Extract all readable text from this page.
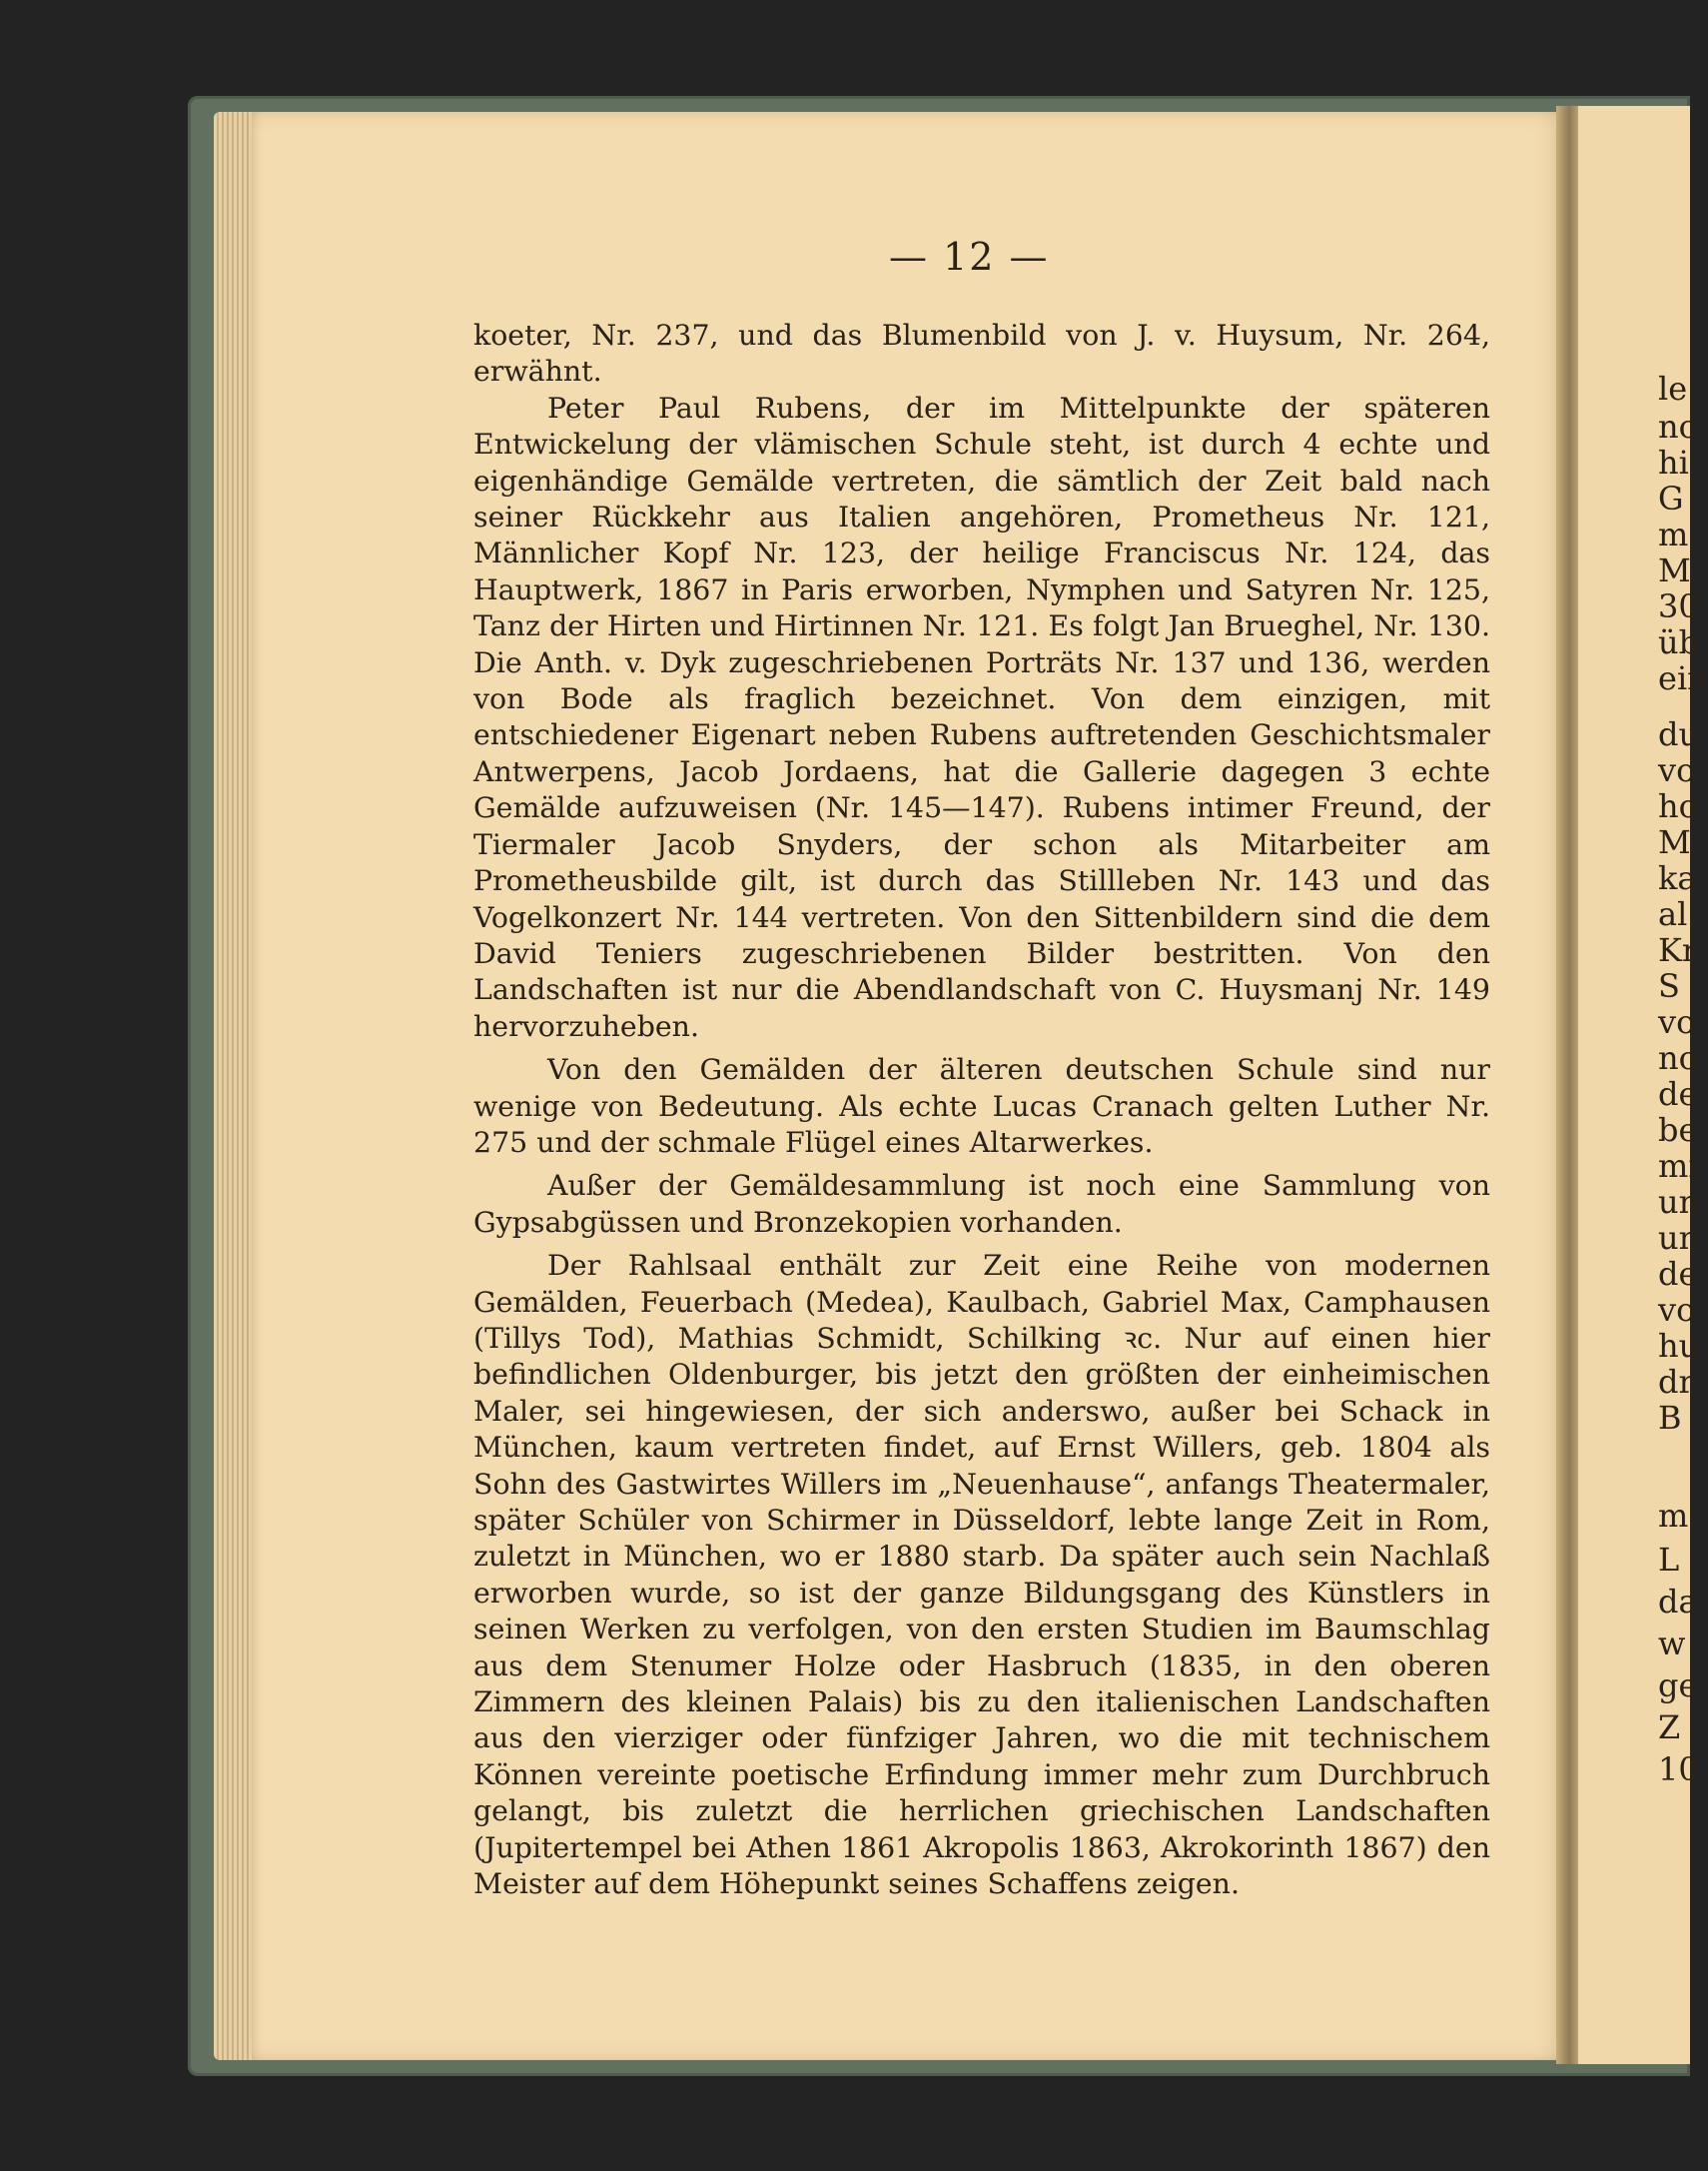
le
no
hi
G
m
M
30
üb
ein
du
vo
ho
M
ka
al
Kr
S
vo
no
de
be
mi
un
un
de
vo
hu
dr
B
m
L
da
w
ge
Z
10
— 12 —

koeter, Nr. 237, und das Blumenbild von J. v. Huysum, Nr. 264, erwähnt.

Peter Paul Rubens, der im Mittelpunkte der späteren Entwickelung der vlämischen Schule steht, ist durch 4 echte und eigenhändige Gemälde vertreten, die sämtlich der Zeit bald nach seiner Rückkehr aus Italien angehören, Prometheus Nr. 121, Männlicher Kopf Nr. 123, der heilige Franciscus Nr. 124, das Hauptwerk, 1867 in Paris erworben, Nymphen und Satyren Nr. 125, Tanz der Hirten und Hirtinnen Nr. 121. Es folgt Jan Brueghel, Nr. 130. Die Anth. v. Dyk zugeschriebenen Porträts Nr. 137 und 136, werden von Bode als fraglich bezeichnet. Von dem einzigen, mit entschiedener Eigenart neben Rubens auftretenden Geschichtsmaler Antwerpens, Jacob Jordaens, hat die Gallerie dagegen 3 echte Gemälde aufzuweisen (Nr. 145—147). Rubens intimer Freund, der Tiermaler Jacob Snyders, der schon als Mitarbeiter am Prometheusbilde gilt, ist durch das Stillleben Nr. 143 und das Vogelkonzert Nr. 144 vertreten. Von den Sittenbildern sind die dem David Teniers zugeschriebenen Bilder bestritten. Von den Landschaften ist nur die Abendlandschaft von C. Huysmanj Nr. 149 hervorzuheben.

Von den Gemälden der älteren deutschen Schule sind nur wenige von Bedeutung. Als echte Lucas Cranach gelten Luther Nr. 275 und der schmale Flügel eines Altarwerkes.

Außer der Gemäldesammlung ist noch eine Sammlung von Gypsabgüssen und Bronzekopien vorhanden.

Der Rahlsaal enthält zur Zeit eine Reihe von modernen Gemälden, Feuerbach (Medea), Kaulbach, Gabriel Max, Camphausen (Tillys Tod), Mathias Schmidt, Schilking ꝛc. Nur auf einen hier befindlichen Oldenburger, bis jetzt den größten der einheimischen Maler, sei hingewiesen, der sich anderswo, außer bei Schack in München, kaum vertreten findet, auf Ernst Willers, geb. 1804 als Sohn des Gastwirtes Willers im „Neuenhause“, anfangs Theatermaler, später Schüler von Schirmer in Düsseldorf, lebte lange Zeit in Rom, zuletzt in München, wo er 1880 starb. Da später auch sein Nachlaß erworben wurde, so ist der ganze Bildungsgang des Künstlers in seinen Werken zu verfolgen, von den ersten Studien im Baumschlag aus dem Stenumer Holze oder Hasbruch (1835, in den oberen Zimmern des kleinen Palais) bis zu den italienischen Landschaften aus den vierziger oder fünfziger Jahren, wo die mit technischem Können vereinte poetische Erfindung immer mehr zum Durchbruch gelangt, bis zuletzt die herrlichen griechischen Landschaften (Jupitertempel bei Athen 1861 Akropolis 1863, Akrokorinth 1867) den Meister auf dem Höhepunkt seines Schaffens zeigen.
